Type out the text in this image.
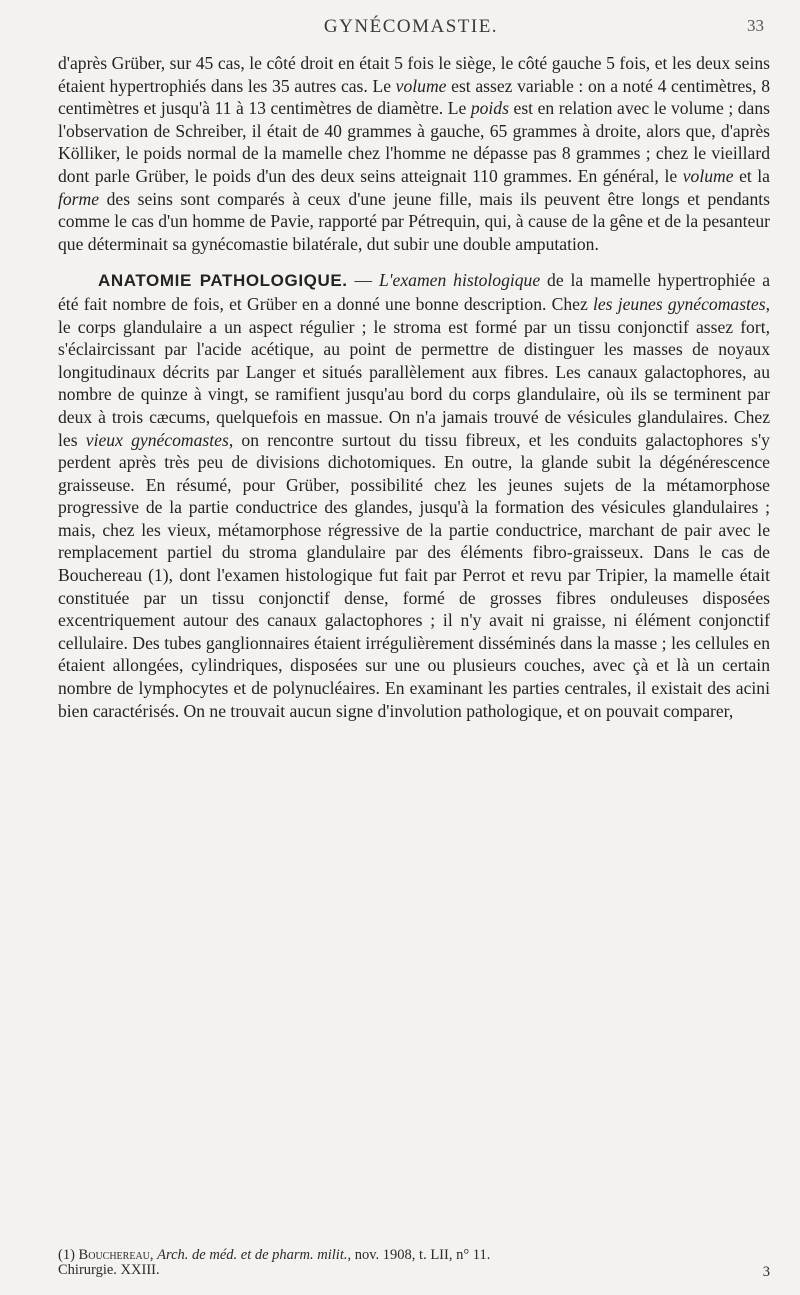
GYNÉCOMASTIE.	33

d'après Grüber, sur 45 cas, le côté droit en était 5 fois le siège, le côté gauche 5 fois, et les deux seins étaient hypertrophiés dans les 35 autres cas. Le volume est assez variable : on a noté 4 centimètres, 8 centimètres et jusqu'à 11 à 13 centimètres de diamètre. Le poids est en relation avec le volume ; dans l'observation de Schreiber, il était de 40 grammes à gauche, 65 grammes à droite, alors que, d'après Kölliker, le poids normal de la mamelle chez l'homme ne dépasse pas 8 grammes ; chez le vieillard dont parle Grüber, le poids d'un des deux seins atteignait 110 grammes. En général, le volume et la forme des seins sont comparés à ceux d'une jeune fille, mais ils peuvent être longs et pendants comme le cas d'un homme de Pavie, rapporté par Pétrequin, qui, à cause de la gêne et de la pesanteur que déterminait sa gynécomastie bilatérale, dut subir une double amputation.

ANATOMIE PATHOLOGIQUE. — L'examen histologique de la mamelle hypertrophiée a été fait nombre de fois, et Grüber en a donné une bonne description. Chez les jeunes gynécomastes, le corps glandulaire a un aspect régulier ; le stroma est formé par un tissu conjonctif assez fort, s'éclaircissant par l'acide acétique, au point de permettre de distinguer les masses de noyaux longitudinaux décrits par Langer et situés parallèlement aux fibres. Les canaux galactophores, au nombre de quinze à vingt, se ramifient jusqu'au bord du corps glandulaire, où ils se terminent par deux à trois cæcums, quelquefois en massue. On n'a jamais trouvé de vésicules glandulaires. Chez les vieux gynécomastes, on rencontre surtout du tissu fibreux, et les conduits galactophores s'y perdent après très peu de divisions dichotomiques. En outre, la glande subit la dégénérescence graisseuse. En résumé, pour Grüber, possibilité chez les jeunes sujets de la métamorphose progressive de la partie conductrice des glandes, jusqu'à la formation des vésicules glandulaires ; mais, chez les vieux, métamorphose régressive de la partie conductrice, marchant de pair avec le remplacement partiel du stroma glandulaire par des éléments fibro-graisseux. Dans le cas de Bouchereau (1), dont l'examen histologique fut fait par Perrot et revu par Tripier, la mamelle était constituée par un tissu conjonctif dense, formé de grosses fibres onduleuses disposées excentriquement autour des canaux galactophores ; il n'y avait ni graisse, ni élément conjonctif cellulaire. Des tubes ganglionnaires étaient irrégulièrement disséminés dans la masse ; les cellules en étaient allongées, cylindriques, disposées sur une ou plusieurs couches, avec çà et là un certain nombre de lymphocytes et de polynucléaires. En examinant les parties centrales, il existait des acini bien caractérisés. On ne trouvait aucun signe d'involution pathologique, et on pouvait comparer,

(1) Bouchereau, Arch. de méd. et de pharm. milit., nov. 1908, t. LII, n° 11.
Chirurgie. XXIII.	3
